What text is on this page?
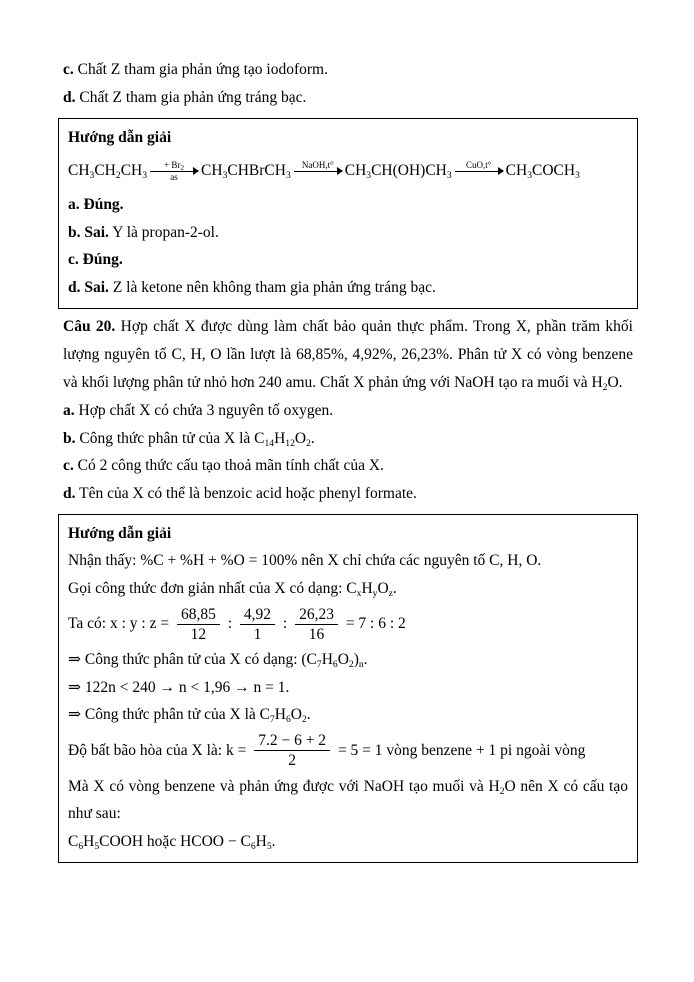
c. Chất Z tham gia phản ứng tạo iodoform.
d. Chất Z tham gia phản ứng tráng bạc.
Hướng dẫn giải
$CH3CH2CH3 \frac{+ Br_2}{as}$ CH3CHBrCH3
NaOH,t° CH3CH(OH)CH3
CuO,t° CH3COCH3
a. Đúng.
b. Sai. Y là propan-2-ol.
c. Đúng.
d. Sai. Z là ketone nên không tham gia phản ứng tráng bạc.
Câu 20. Hợp chất X được dùng làm chất bảo quản thực phẩm. Trong X, phần trăm khối lượng nguyên tố C, H, O lần lượt là 68,85%, 4,92%, 26,23%. Phân tử X có vòng benzene và khối lượng phân tử nhỏ hơn 240 amu. Chất X phản ứng với NaOH tạo ra muối và H2O.
a. Hợp chất X có chứa 3 nguyên tố oxygen.
b. Công thức phân tử của X là C14H12O2.
c. Có 2 công thức cấu tạo thoả mãn tính chất của X.
d. Tên của X có thể là benzoic acid hoặc phenyl formate.
Hướng dẫn giải
Nhận thấy: %C + %H + %O = 100% nên X chỉ chứa các nguyên tố C, H, O.
Gọi công thức đơn giản nhất của X có dạng: CxHyOz.
Ta có: x : y : $z = \frac{68,85}{12}$ : $\frac{4,92}{1}$ : $\frac{26,23}{16} = 7$ : 6 : 2
⇒ Công thức phân tử của X có dạng: (C7H6O2)n.
⇒ 122n < 240 → n < 1,96 → n = 1.
⇒ Công thức phân tử của X là C7H6O2.
Độ bất bão hòa của X là: $k = \frac{7.2 - 6 + 2}{2} = 5 = 1$ vòng benzene + 1 pi ngoài vòng
Mà X có vòng benzene và phản ứng được với NaOH tạo muối và H2O nên X có cấu tạo như sau:
C6H5COOH hoặc HCOO − C6H5.
